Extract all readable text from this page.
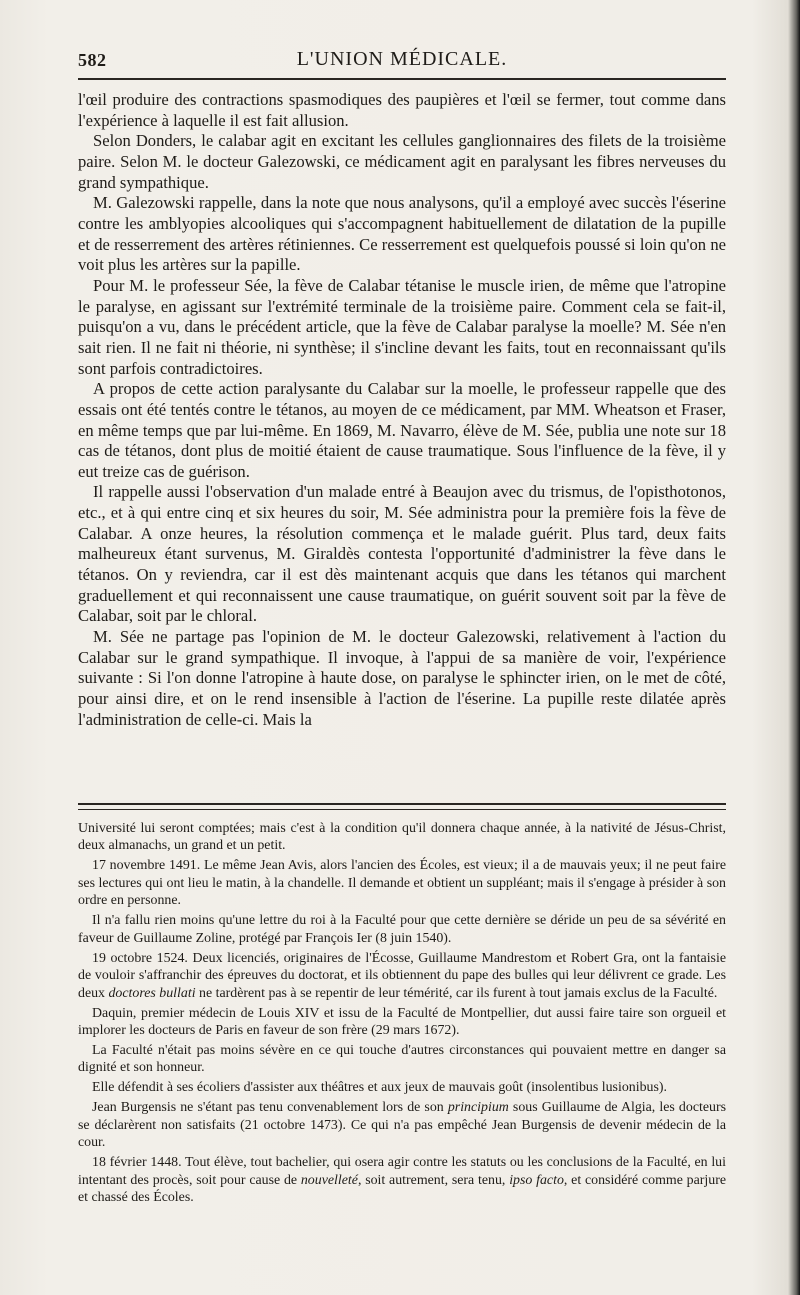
582	L'UNION MÉDICALE.

l'œil produire des contractions spasmodiques des paupières et l'œil se fermer, tout comme dans l'expérience à laquelle il est fait allusion.

Selon Donders, le calabar agit en excitant les cellules ganglionnaires des filets de la troisième paire. Selon M. le docteur Galezowski, ce médicament agit en paralysant les fibres nerveuses du grand sympathique.

M. Galezowski rappelle, dans la note que nous analysons, qu'il a employé avec succès l'éserine contre les amblyopies alcooliques qui s'accompagnent habituellement de dilatation de la pupille et de resserrement des artères rétiniennes. Ce resserrement est quelquefois poussé si loin qu'on ne voit plus les artères sur la papille.

Pour M. le professeur Sée, la fève de Calabar tétanise le muscle irien, de même que l'atropine le paralyse, en agissant sur l'extrémité terminale de la troisième paire. Comment cela se fait-il, puisqu'on a vu, dans le précédent article, que la fève de Calabar paralyse la moelle? M. Sée n'en sait rien. Il ne fait ni théorie, ni synthèse; il s'incline devant les faits, tout en reconnaissant qu'ils sont parfois contradictoires.

A propos de cette action paralysante du Calabar sur la moelle, le professeur rappelle que des essais ont été tentés contre le tétanos, au moyen de ce médicament, par MM. Wheatson et Fraser, en même temps que par lui-même. En 1869, M. Navarro, élève de M. Sée, publia une note sur 18 cas de tétanos, dont plus de moitié étaient de cause traumatique. Sous l'influence de la fève, il y eut treize cas de guérison.

Il rappelle aussi l'observation d'un malade entré à Beaujon avec du trismus, de l'opisthotonos, etc., et à qui entre cinq et six heures du soir, M. Sée administra pour la première fois la fève de Calabar. A onze heures, la résolution commença et le malade guérit. Plus tard, deux faits malheureux étant survenus, M. Giraldès contesta l'opportunité d'administrer la fève dans le tétanos. On y reviendra, car il est dès maintenant acquis que dans les tétanos qui marchent graduellement et qui reconnaissent une cause traumatique, on guérit souvent soit par la fève de Calabar, soit par le chloral.

M. Sée ne partage pas l'opinion de M. le docteur Galezowski, relativement à l'action du Calabar sur le grand sympathique. Il invoque, à l'appui de sa manière de voir, l'expérience suivante : Si l'on donne l'atropine à haute dose, on paralyse le sphincter irien, on le met de côté, pour ainsi dire, et on le rend insensible à l'action de l'éserine. La pupille reste dilatée après l'administration de celle-ci. Mais la

Université lui seront comptées; mais c'est à la condition qu'il donnera chaque année, à la nativité de Jésus-Christ, deux almanachs, un grand et un petit.

17 novembre 1491. Le même Jean Avis, alors l'ancien des Écoles, est vieux; il a de mauvais yeux; il ne peut faire ses lectures qui ont lieu le matin, à la chandelle. Il demande et obtient un suppléant; mais il s'engage à présider à son ordre en personne.

Il n'a fallu rien moins qu'une lettre du roi à la Faculté pour que cette dernière se déride un peu de sa sévérité en faveur de Guillaume Zoline, protégé par François Ier (8 juin 1540).

19 octobre 1524. Deux licenciés, originaires de l'Écosse, Guillaume Mandrestom et Robert Gra, ont la fantaisie de vouloir s'affranchir des épreuves du doctorat, et ils obtiennent du pape des bulles qui leur délivrent ce grade. Les deux doctores bullati ne tardèrent pas à se repentir de leur témérité, car ils furent à tout jamais exclus de la Faculté.

Daquin, premier médecin de Louis XIV et issu de la Faculté de Montpellier, dut aussi faire taire son orgueil et implorer les docteurs de Paris en faveur de son frère (29 mars 1672).

La Faculté n'était pas moins sévère en ce qui touche d'autres circonstances qui pouvaient mettre en danger sa dignité et son honneur.

Elle défendit à ses écoliers d'assister aux théâtres et aux jeux de mauvais goût (insolentibus lusionibus).

Jean Burgensis ne s'étant pas tenu convenablement lors de son principium sous Guillaume de Algia, les docteurs se déclarèrent non satisfaits (21 octobre 1473). Ce qui n'a pas empêché Jean Burgensis de devenir médecin de la cour.

18 février 1448. Tout élève, tout bachelier, qui osera agir contre les statuts ou les conclusions de la Faculté, en lui intentant des procès, soit pour cause de nouvelleté, soit autrement, sera tenu, ipso facto, et considéré comme parjure et chassé des Écoles.
